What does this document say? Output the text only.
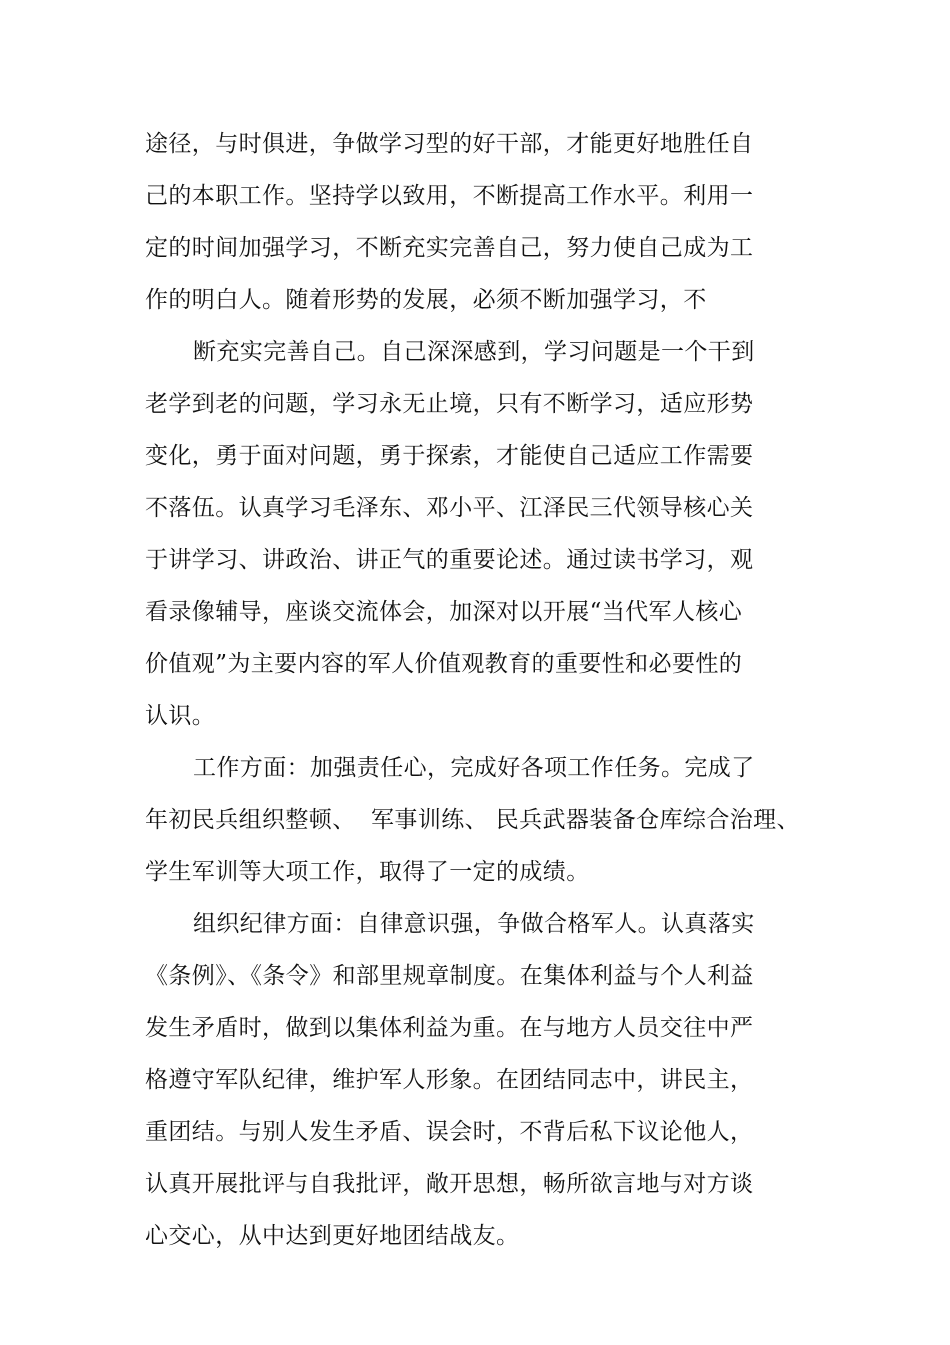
途径，与时俱进，争做学习型的好干部，才能更好地胜任自
己的本职工作。坚持学以致用，不断提高工作水平。利用一
定的时间加强学习，不断充实完善自己，努力使自己成为工
作的明白人。随着形势的发展，必须不断加强学习，不
断充实完善自己。自己深深感到，学习问题是一个干到
老学到老的问题，学习永无止境，只有不断学习，适应形势
变化，勇于面对问题，勇于探索，才能使自己适应工作需要
不落伍。认真学习毛泽东、邓小平、江泽民三代领导核心关
于讲学习、讲政治、讲正气的重要论述。通过读书学习，观
看录像辅导，座谈交流体会，加深对以开展“当代军人核心
价值观”为主要内容的军人价值观教育的重要性和必要性的
认识。
工作方面：加强责任心，完成好各项工作任务。完成了
年初民兵组织整顿、  军事训练、 民兵武器装备仓库综合治理、
学生军训等大项工作，取得了一定的成绩。
组织纪律方面：自律意识强，争做合格军人。认真落实
《条例》、《条令》和部里规章制度。在集体利益与个人利益
发生矛盾时，做到以集体利益为重。在与地方人员交往中严
格遵守军队纪律，维护军人形象。在团结同志中，讲民主，
重团结。与别人发生矛盾、误会时，不背后私下议论他人，
认真开展批评与自我批评，敞开思想，畅所欲言地与对方谈
心交心，从中达到更好地团结战友。
